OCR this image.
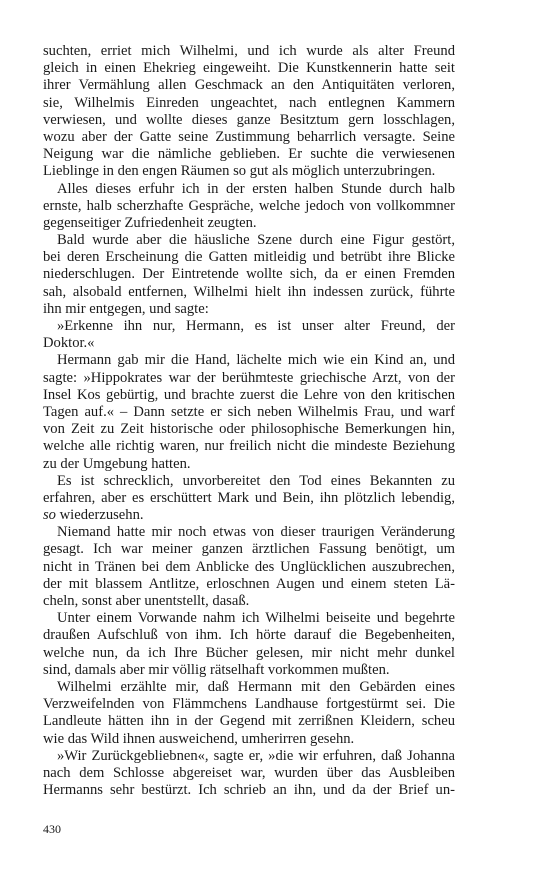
suchten, erriet mich Wilhelmi, und ich wurde als alter Freund
gleich in einen Ehekrieg eingeweiht. Die Kunstkennerin hatte seit
ihrer Vermählung allen Geschmack an den Antiquitäten verloren,
sie, Wilhelmis Einreden ungeachtet, nach entlegnen Kammern
verwiesen, und wollte dieses ganze Besitztum gern losschlagen,
wozu aber der Gatte seine Zustimmung beharrlich versagte. Seine
Neigung war die nämliche geblieben. Er suchte die verwiesenen
Lieblinge in den engen Räumen so gut als möglich unterzubringen.
Alles dieses erfuhr ich in der ersten halben Stunde durch halb
ernste, halb scherzhafte Gespräche, welche jedoch von vollkommner
gegenseitiger Zufriedenheit zeugten.
Bald wurde aber die häusliche Szene durch eine Figur gestört,
bei deren Erscheinung die Gatten mitleidig und betrübt ihre Blicke
niederschlugen. Der Eintretende wollte sich, da er einen Fremden
sah, alsobald entfernen, Wilhelmi hielt ihn indessen zurück, führte
ihn mir entgegen, und sagte:
»Erkenne ihn nur, Hermann, es ist unser alter Freund, der
Doktor.«
Hermann gab mir die Hand, lächelte mich wie ein Kind an, und
sagte: »Hippokrates war der berühmteste griechische Arzt, von der
Insel Kos gebürtig, und brachte zuerst die Lehre von den kritischen
Tagen auf.« – Dann setzte er sich neben Wilhelmis Frau, und warf
von Zeit zu Zeit historische oder philosophische Bemerkungen hin,
welche alle richtig waren, nur freilich nicht die mindeste Beziehung
zu der Umgebung hatten.
Es ist schrecklich, unvorbereitet den Tod eines Bekannten zu
erfahren, aber es erschüttert Mark und Bein, ihn plötzlich lebendig,
so wiederzusehn.
Niemand hatte mir noch etwas von dieser traurigen Veränderung
gesagt. Ich war meiner ganzen ärztlichen Fassung benötigt, um
nicht in Tränen bei dem Anblicke des Unglücklichen auszubrechen,
der mit blassem Antlitze, erloschnen Augen und einem steten Lä-
cheln, sonst aber unentstellt, dasaß.
Unter einem Vorwande nahm ich Wilhelmi beiseite und begehrte
draußen Aufschluß von ihm. Ich hörte darauf die Begebenheiten,
welche nun, da ich Ihre Bücher gelesen, mir nicht mehr dunkel
sind, damals aber mir völlig rätselhaft vorkommen mußten.
Wilhelmi erzählte mir, daß Hermann mit den Gebärden eines
Verzweifelnden von Flämmchens Landhause fortgestürmt sei. Die
Landleute hätten ihn in der Gegend mit zerrißnen Kleidern, scheu
wie das Wild ihnen ausweichend, umherirren gesehn.
»Wir Zurückgebliebnen«, sagte er, »die wir erfuhren, daß Johanna
nach dem Schlosse abgereiset war, wurden über das Ausbleiben
Hermanns sehr bestürzt. Ich schrieb an ihn, und da der Brief un-
430
